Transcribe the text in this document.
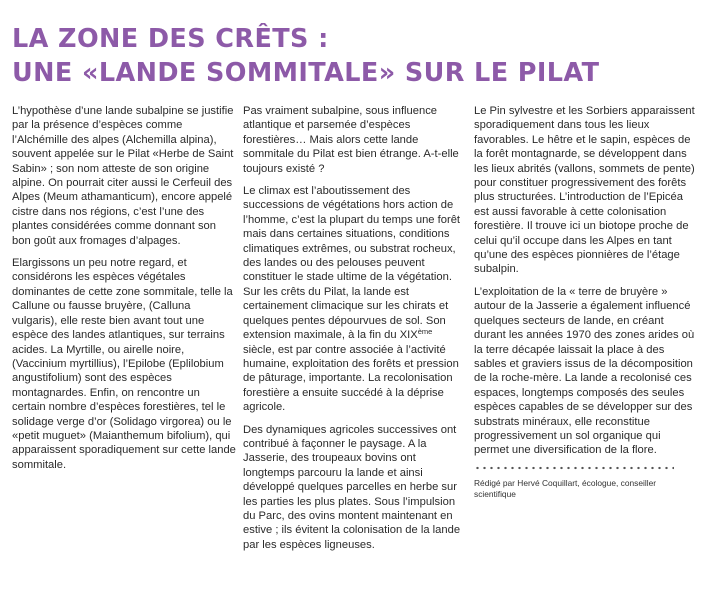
LA ZONE DES CRÊTS :
UNE «LANDE SOMMITALE» SUR LE PILAT

L’hypothèse d’une lande subalpine se justifie par la présence d’espèces comme l’Alchémille des alpes (Alchemilla alpina), souvent appelée sur le Pilat «Herbe de Saint Sabin» ; son nom atteste de son origine alpine. On pourrait citer aussi le Cerfeuil des Alpes (Meum athamanticum), encore appelé cistre dans nos régions, c’est l’une des plantes considérées comme donnant son bon goût aux fromages d’alpages.

Elargissons un peu notre regard, et considérons les espèces végétales dominantes de cette zone sommitale, telle la Callune ou fausse bruyère, (Calluna vulgaris), elle reste bien avant tout une espèce des landes atlantiques, sur terrains acides. La Myrtille, ou airelle noire, (Vaccinium myrtillius), l’Epilobe (Eplilobium angustifolium) sont des espèces montagnardes. Enfin, on rencontre un certain nombre d’espèces forestières, tel le solidage verge d’or (Solidago virgorea) ou le «petit muguet» (Maianthemum bifolium), qui apparaissent sporadiquement sur cette lande sommitale.

Pas vraiment subalpine, sous influence atlantique et parsemée d’espèces forestières… Mais alors cette lande sommitale du Pilat est bien étrange. A-t-elle toujours existé ?

Le climax est l’aboutissement des successions de végétations hors action de l’homme, c’est la plupart du temps une forêt mais dans certaines situations, conditions climatiques extrêmes, ou substrat rocheux, des landes ou des pelouses peuvent constituer le stade ultime de la végétation. Sur les crêts du Pilat, la lande est certainement climacique sur les chirats et quelques pentes dépourvues de sol. Son extension maximale, à la fin du XIXème siècle, est par contre associée à l’activité humaine, exploitation des forêts et pression de pâturage, importante. La recolonisation forestière a ensuite succédé à la déprise agricole.

Des dynamiques agricoles successives ont contribué à façonner le paysage. A la Jasserie, des troupeaux bovins ont longtemps parcouru la lande et ainsi développé quelques parcelles en herbe sur les parties les plus plates. Sous l’impulsion du Parc, des ovins montent maintenant en estive ; ils évitent la colonisation de la lande par les espèces ligneuses.

Le Pin sylvestre et les Sorbiers apparaissent sporadiquement dans tous les lieux favorables. Le hêtre et le sapin, espèces de la forêt montagnarde, se développent dans les lieux abrités (vallons, sommets de pente) pour constituer progressivement des forêts plus structurées. L’introduction de l’Epicéa est aussi favorable à cette colonisation forestière. Il trouve ici un biotope proche de celui qu’il occupe dans les Alpes en tant qu’une des espèces pionnières de l’étage subalpin.

L’exploitation de la « terre de bruyère » autour de la Jasserie a également influencé quelques secteurs de lande, en créant durant les années 1970 des zones arides où la terre décapée laissait la place à des sables et graviers issus de la décomposition de la roche-mère. La lande a recolonisé ces espaces, longtemps composés des seules espèces capables de se développer sur des substrats minéraux, elle reconstitue progressivement un sol organique qui permet une diversification de la flore.

Rédigé par Hervé Coquillart, écologue, conseiller scientifique
